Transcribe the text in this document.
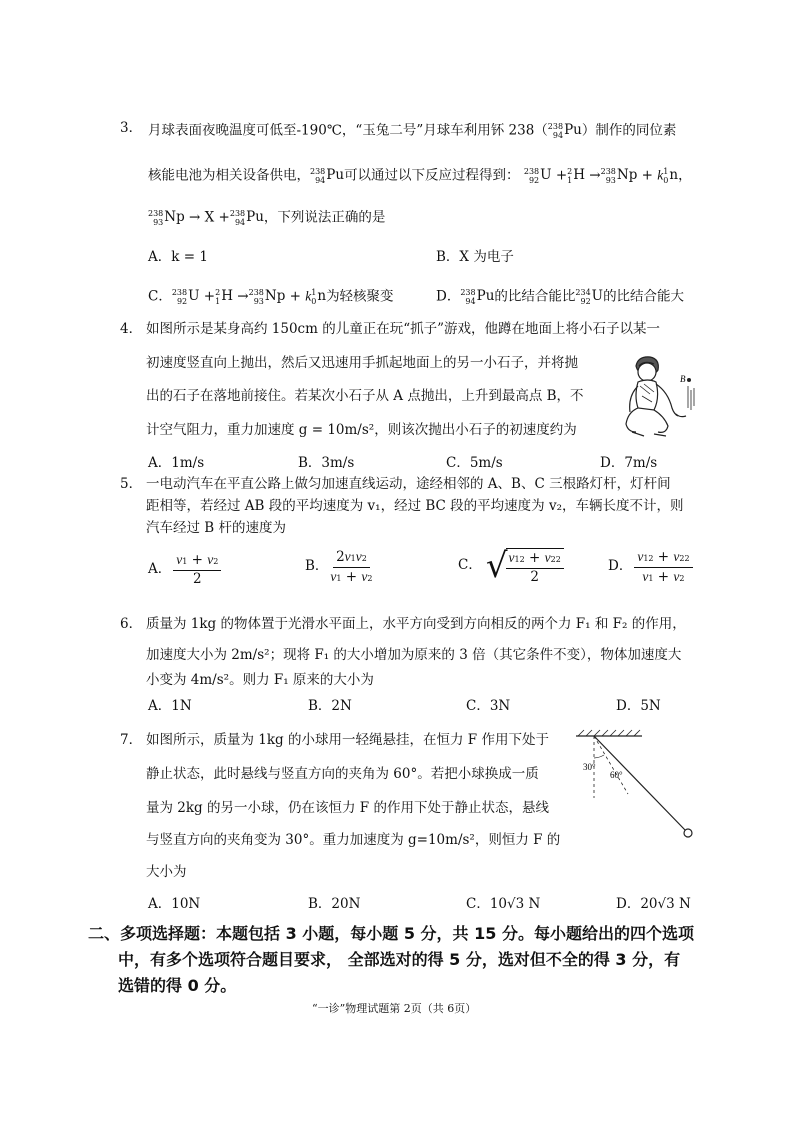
3． 月球表面夜晚温度可低至-190℃，“玉兔二号”月球车利用钚 238（ 238
94 Pu）制作的同位素
核能电池为相关设备供电， 238
94 Pu可以通过以下反应过程得到： 238
92 U + 2
1 H → 238
93 Np + k 1
0 n，
238
93 Np → X + 238
94 Pu，下列说法正确的是
A．k = 1	B．X 为电子
C． 238
92 U + 2
1 H → 238
93 Np + k 1
0 n为轻核聚变	D． 238
94 Pu的比结合能比 234
92 U的比结合能大
4． 如图所示是某身高约 150cm 的儿童正在玩“抓子”游戏，他蹲在地面上将小石子以某一
初速度竖直向上抛出，然后又迅速用手抓起地面上的另一小石子，并将抛
出的石子在落地前接住。若某次小石子从 A 点抛出，上升到最高点 B，不
计空气阻力，重力加速度 g = 10m/s²，则该次抛出小石子的初速度约为
A．1m/s	B．3m/s	C．5m/s	D．7m/s
B
5． 一电动汽车在平直公路上做匀加速直线运动，途经相邻的 A、B、C 三根路灯杆，灯杆间
距相等，若经过 AB 段的平均速度为 v₁，经过 BC 段的平均速度为 v₂，车辆长度不计，则
汽车经过 B 杆的速度为
A． $\frac{v1 + v2}{2}$	B． $\frac{2v1v2}{v1 + v2}$	C． √
$\frac{v12 + v22}{2}$	D． $\frac{v12 + v22}{v1 + v2}$
6． 质量为 1kg 的物体置于光滑水平面上，水平方向受到方向相反的两个力 F₁ 和 F₂ 的作用，
加速度大小为 2m/s²；现将 F₁ 的大小增加为原来的 3 倍（其它条件不变），物体加速度大
小变为 4m/s²。则力 F₁ 原来的大小为
A．1N	B．2N	C．3N	D．5N
7． 如图所示，质量为 1kg 的小球用一轻绳悬挂，在恒力 F 作用下处于
静止状态，此时悬线与竖直方向的夹角为 60°。若把小球换成一质
量为 2kg 的另一小球，仍在该恒力 F 的作用下处于静止状态，悬线
与竖直方向的夹角变为 30°。重力加速度为 g=10m/s²，则恒力 F 的
大小为
A．10N	B．20N	C．10√3 N	D．20√3 N
30°
60°
二、多项选择题：本题包括 3 小题，每小题 5 分，共 15 分。每小题给出的四个选项
中，有多个选项符合题目要求， 全部选对的得 5 分，选对但不全的得 3 分，有
选错的得 0 分。
“一诊”物理试题第 2页（共 6页）
